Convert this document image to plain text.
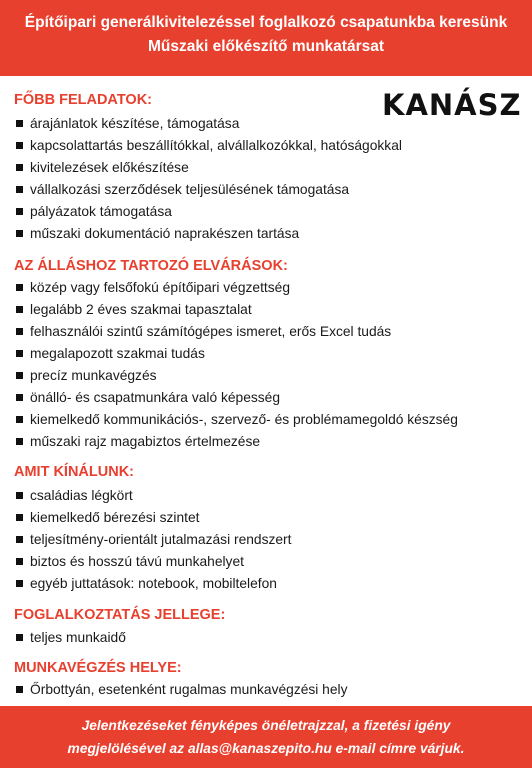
Építőipari generálkivitelezéssel foglalkozó csapatunkba keresünk
Műszaki előkészítő munkatársat
KANÁSZ
FŐBB FELADATOK:
árajánlatok készítése, támogatása
kapcsolattartás beszállítókkal, alvállalkozókkal, hatóságokkal
kivitelezések előkészítése
vállalkozási szerződések teljesülésének támogatása
pályázatok támogatása
műszaki dokumentáció naprakészen tartása
AZ ÁLLÁSHOZ TARTOZÓ ELVÁRÁSOK:
közép vagy felsőfokú építőipari végzettség
legalább 2 éves szakmai tapasztalat
felhasználói szintű számítógépes ismeret, erős Excel tudás
megalapozott szakmai tudás
precíz munkavégzés
önálló- és csapatmunkára való képesség
kiemelkedő kommunikációs-, szervező- és problémamegoldó készség
műszaki rajz magabiztos értelmezése
AMIT KÍNÁLUNK:
családias légkört
kiemelkedő bérezési szintet
teljesítmény-orientált jutalmazási rendszert
biztos és hosszú távú munkahelyet
egyéb juttatások: notebook, mobiltelefon
FOGLALKOZTATÁS JELLEGE:
teljes munkaidő
MUNKAVÉGZÉS HELYE:
Őrbottyán, esetenként rugalmas munkavégzési hely
Jelentkezéseket fényképes önéletrajzzal, a fizetési igény
megjelölésével az allas@kanaszepito.hu e-mail címre várjuk.
